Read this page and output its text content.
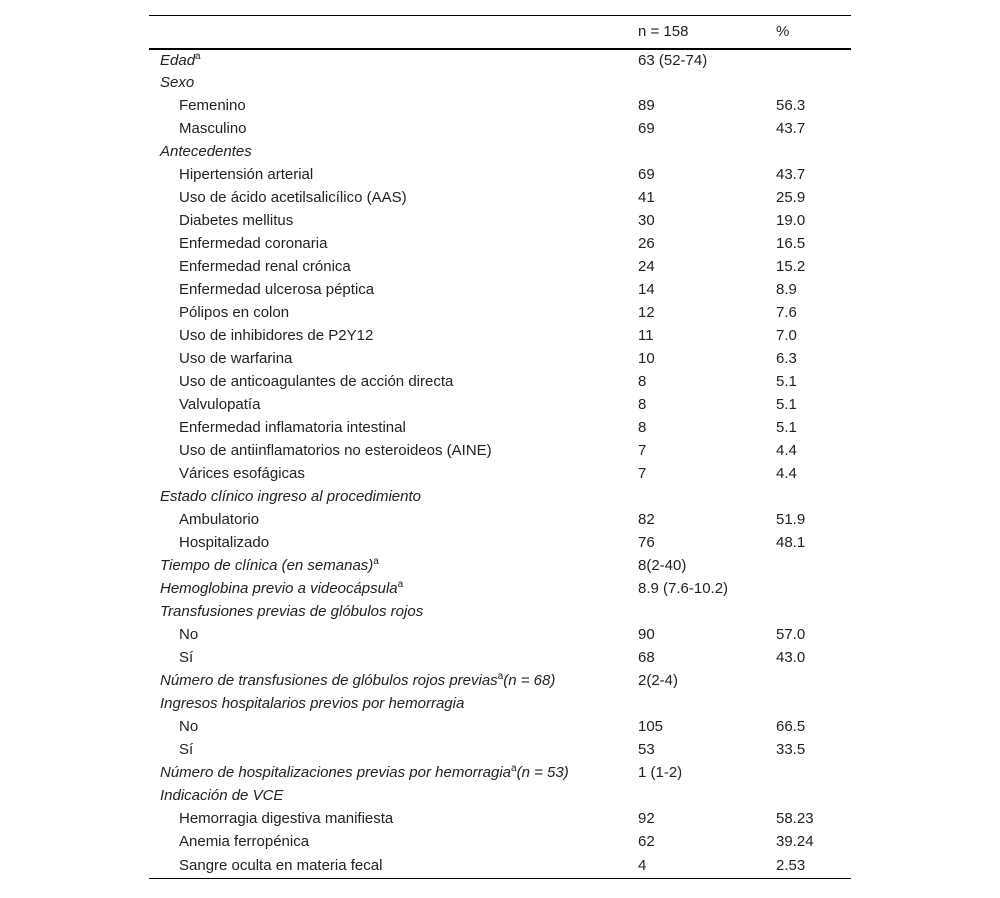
	n = 158	%
Edad$^a$	63 (52-74)	
Sexo		
Femenino	89	56.3
Masculino	69	43.7
Antecedentes		
Hipertensión arterial	69	43.7
Uso de ácido acetilsalicílico (AAS)	41	25.9
Diabetes mellitus	30	19.0
Enfermedad coronaria	26	16.5
Enfermedad renal crónica	24	15.2
Enfermedad ulcerosa péptica	14	8.9
Pólipos en colon	12	7.6
Uso de inhibidores de P2Y12	11	7.0
Uso de warfarina	10	6.3
Uso de anticoagulantes de acción directa	8	5.1
Valvulopatía	8	5.1
Enfermedad inflamatoria intestinal	8	5.1
Uso de antiinflamatorios no esteroideos (AINE)	7	4.4
Várices esofágicas	7	4.4
Estado clínico ingreso al procedimiento		
Ambulatorio	82	51.9
Hospitalizado	76	48.1
Tiempo de clínica (en semanas)$^a$	8(2-40)	
Hemoglobina previo a videocápsula$^a$	8.9 (7.6-10.2)	
Transfusiones previas de glóbulos rojos		
No	90	57.0
Sí	68	43.0
Número de transfusiones de glóbulos rojos previas$^a$(n = 68)	2(2-4)	
Ingresos hospitalarios previos por hemorragia		
No	105	66.5
Sí	53	33.5
Número de hospitalizaciones previas por hemorragia$^a$(n = 53)	1 (1-2)	
Indicación de VCE		
Hemorragia digestiva manifiesta	92	58.23
Anemia ferropénica	62	39.24
Sangre oculta en materia fecal	4	2.53
